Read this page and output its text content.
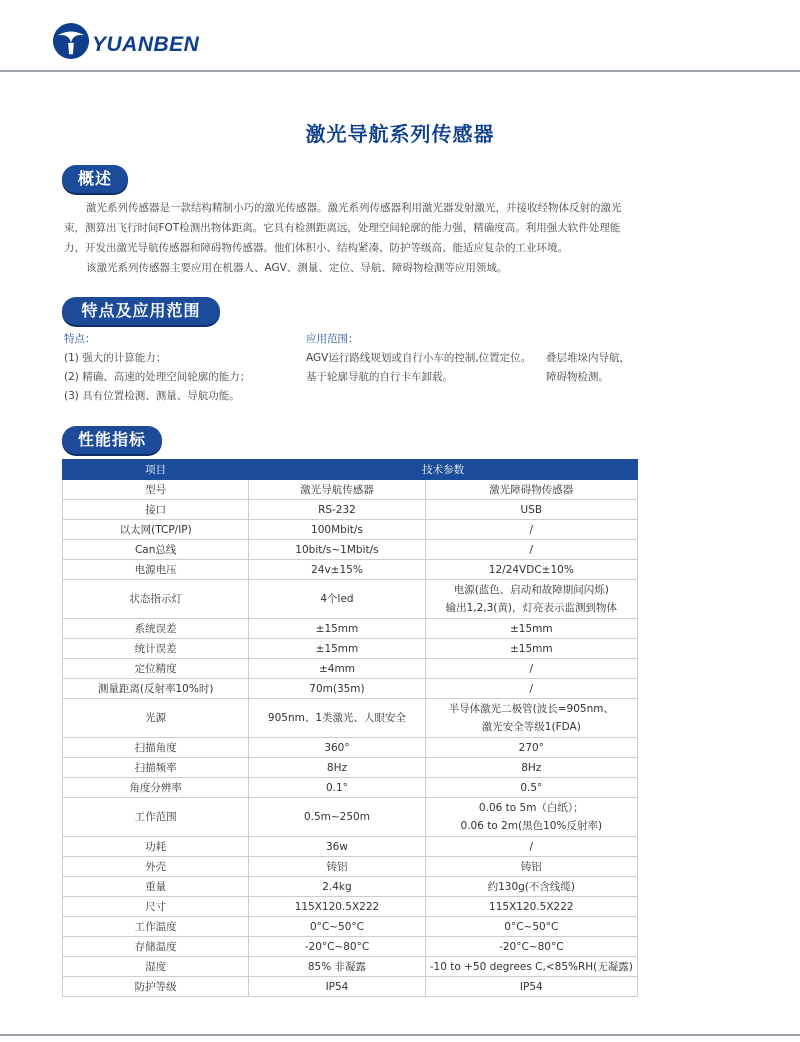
YUANBEN
激光导航系列传感器
概述

激光系列传感器是一款结构精制小巧的激光传感器。激光系列传感器利用激光器发射激光，并接收经物体反射的激光束，测算出飞行时间FOT检测出物体距离。它具有检测距离远，处理空间轮廓的能力强，精确度高。利用强大软件处理能力，开发出激光导航传感器和障碍物传感器。他们体积小、结构紧凑、防护等级高、能适应复杂的工业环境。

该激光系列传感器主要应用在机器人、AGV、测量、定位、导航、障碍物检测等应用领域。

特点及应用范围
特点：
(1) 强大的计算能力；
(2) 精确、高速的处理空间轮廓的能力；
(3) 具有位置检测、测量、导航功能。
应用范围：
AGV运行路线规划或自行小车的控制,位置定位。
基于轮廓导航的自行卡车卸载。
叠层堆垛内导航，
障碍物检测。
性能指标
项目	技术参数	
型号	激光导航传感器	激光障碍物传感器
接口	RS-232	USB
以太网(TCP/IP)	100Mbit/s	/
Can总线	10bit/s~1Mbit/s	/
电源电压	24v±15%	12/24VDC±10%
状态指示灯	4个led	电源(蓝色、启动和故障期间闪烁)
输出1,2,3(黄)，灯亮表示监测到物体
系统误差	±15mm	±15mm
统计误差	±15mm	±15mm
定位精度	±4mm	/
测量距离(反射率10%时)	70m(35m)	/
光源	905nm、1类激光、人眼安全	半导体激光二极管(波长=905nm、
激光安全等级1(FDA)
扫描角度	360°	270°
扫描频率	8Hz	8Hz
角度分辨率	0.1°	0.5°
工作范围	0.5m~250m	0.06 to 5m（白纸）；
0.06 to 2m(黑色10%反射率)
功耗	36w	/
外壳	铸铝	铸铝
重量	2.4kg	约130g(不含线缆)
尺寸	115X120.5X222	115X120.5X222
工作温度	0°C~50°C	0°C~50°C
存储温度	-20°C~80°C	-20°C~80°C
湿度	85% 非凝露	-10 to +50 degrees C,<85%RH(无凝露)
防护等级	IP54	IP54
